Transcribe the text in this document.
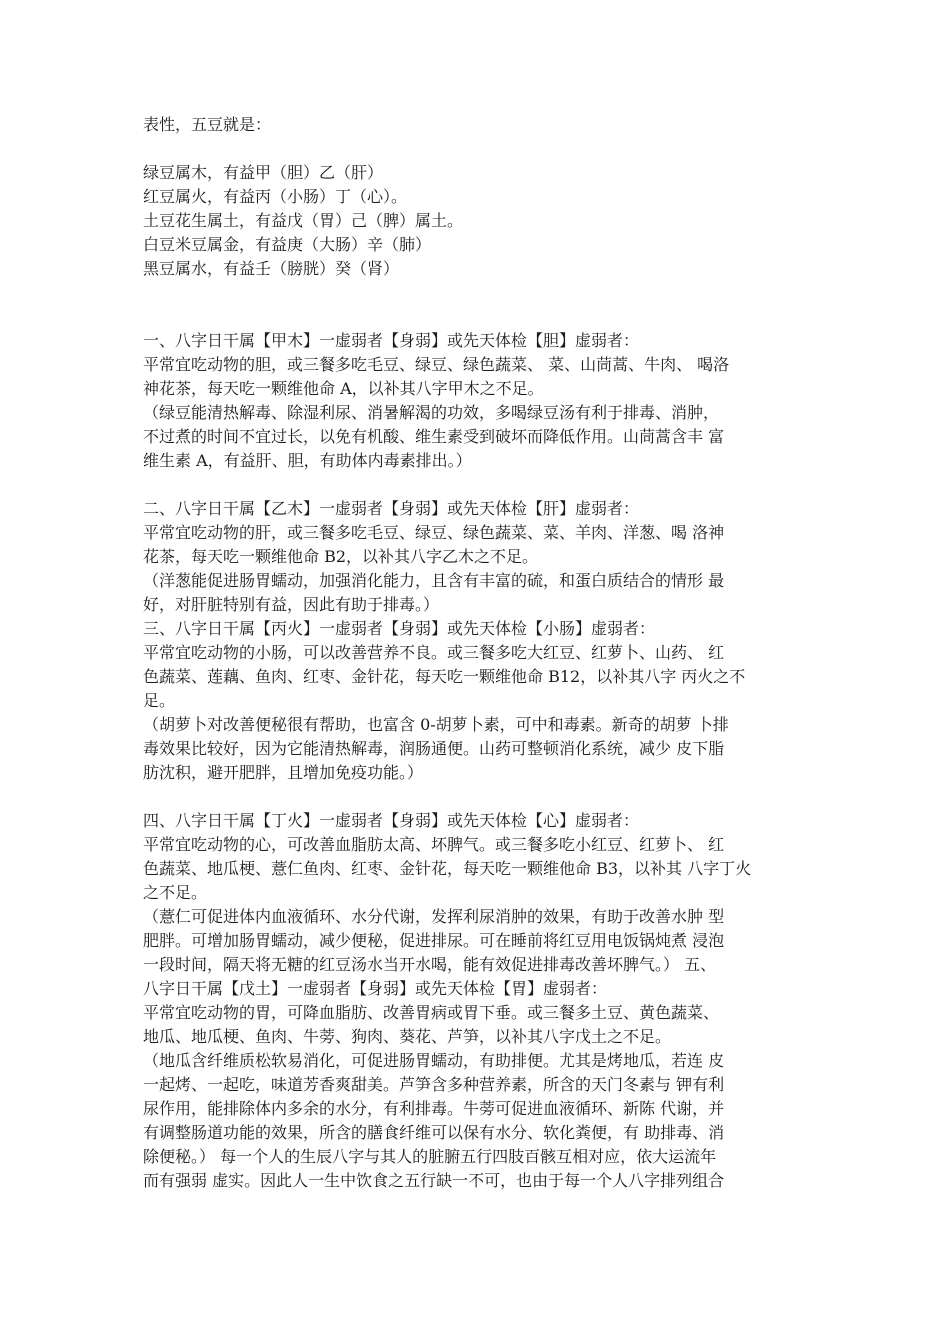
表性，五豆就是：
绿豆属木，有益甲（胆）乙（肝）
红豆属火，有益丙（小肠）丁（心）。
土豆花生属土，有益戊（胃）己（脾）属土。
白豆米豆属金，有益庚（大肠）辛（肺）
黑豆属水，有益壬（膀胱）癸（肾）
一、八字日干属【甲木】一虚弱者【身弱】或先天体检【胆】虚弱者：
平常宜吃动物的胆，或三餐多吃毛豆、绿豆、绿色蔬菜、 菜、山茼蒿、牛肉、 喝洛
神花茶，每天吃一颗维他命 A，以补其八字甲木之不足。
（绿豆能清热解毒、除湿利尿、消暑解渴的功效，多喝绿豆汤有利于排毒、消肿，
不过煮的时间不宜过长，以免有机酸、维生素受到破坏而降低作用。山茼蒿含丰 富
维生素 A，有益肝、胆，有助体内毒素排出。）
二、八字日干属【乙木】一虚弱者【身弱】或先天体检【肝】虚弱者：
平常宜吃动物的肝，或三餐多吃毛豆、绿豆、绿色蔬菜、菜、羊肉、洋葱、喝 洛神
花茶，每天吃一颗维他命 B2，以补其八字乙木之不足。
（洋葱能促进肠胃蠕动，加强消化能力，且含有丰富的硫，和蛋白质结合的情形 最
好，对肝脏特别有益，因此有助于排毒。）
三、八字日干属【丙火】一虚弱者【身弱】或先天体检【小肠】虚弱者：
平常宜吃动物的小肠，可以改善营养不良。或三餐多吃大红豆、红萝卜、山药、 红
色蔬菜、莲藕、鱼肉、红枣、金针花，每天吃一颗维他命 B12，以补其八字 丙火之不
足。
（胡萝卜对改善便秘很有帮助，也富含 0-胡萝卜素，可中和毒素。新奇的胡萝 卜排
毒效果比较好，因为它能清热解毒，润肠通便。山药可整顿消化系统，减少 皮下脂
肪沈积，避开肥胖，且增加免疫功能。）
四、八字日干属【丁火】一虚弱者【身弱】或先天体检【心】虚弱者：
平常宜吃动物的心，可改善血脂肪太高、坏脾气。或三餐多吃小红豆、红萝卜、 红
色蔬菜、地瓜梗、薏仁鱼肉、红枣、金针花，每天吃一颗维他命 B3，以补其 八字丁火
之不足。
（薏仁可促进体内血液循环、水分代谢，发挥利尿消肿的效果，有助于改善水肿 型
肥胖。可增加肠胃蠕动，减少便秘，促进排尿。可在睡前将红豆用电饭锅炖煮 浸泡
一段时间，隔天将无糖的红豆汤水当开水喝，能有效促进排毒改善坏脾气。） 五、
八字日干属【戊土】一虚弱者【身弱】或先天体检【胃】虚弱者：
平常宜吃动物的胃，可降血脂肪、改善胃病或胃下垂。或三餐多土豆、黄色蔬菜、
地瓜、地瓜梗、鱼肉、牛蒡、狗肉、葵花、芦笋，以补其八字戊土之不足。
（地瓜含纤维质松软易消化，可促进肠胃蠕动，有助排便。尤其是烤地瓜，若连 皮
一起烤、一起吃，味道芳香爽甜美。芦笋含多种营养素，所含的天门冬素与 钾有利
尿作用，能排除体内多余的水分，有利排毒。牛蒡可促进血液循环、新陈 代谢，并
有调整肠道功能的效果，所含的膳食纤维可以保有水分、软化粪便，有 助排毒、消
除便秘。） 每一个人的生辰八字与其人的脏腑五行四肢百骸互相对应，依大运流年
而有强弱 虚实。因此人一生中饮食之五行缺一不可，也由于每一个人八字排列组合
